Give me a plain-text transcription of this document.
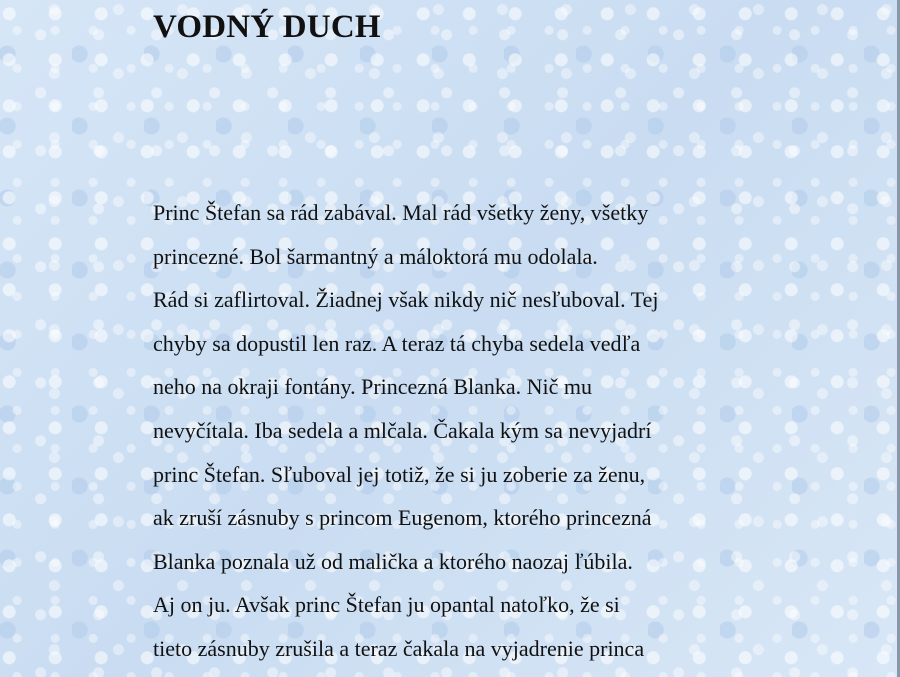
VODNÝ DUCH

Princ Štefan sa rád zabával. Mal rád všetky ženy, všetky
princezné. Bol šarmantný a máloktorá mu odolala.
Rád si zaflirtoval. Žiadnej však nikdy nič nesľuboval. Tej
chyby sa dopustil len raz. A teraz tá chyba sedela vedľa
neho na okraji fontány. Princezná Blanka. Nič mu
nevyčítala. Iba sedela a mlčala. Čakala kým sa nevyjadrí
princ Štefan. Sľuboval jej totiž, že si ju zoberie za ženu,
ak zruší zásnuby s princom Eugenom, ktorého princezná
Blanka poznala už od malička a ktorého naozaj ľúbila.
Aj on ju. Avšak princ Štefan ju opantal natoľko, že si
tieto zásnuby zrušila a teraz čakala na vyjadrenie princa
